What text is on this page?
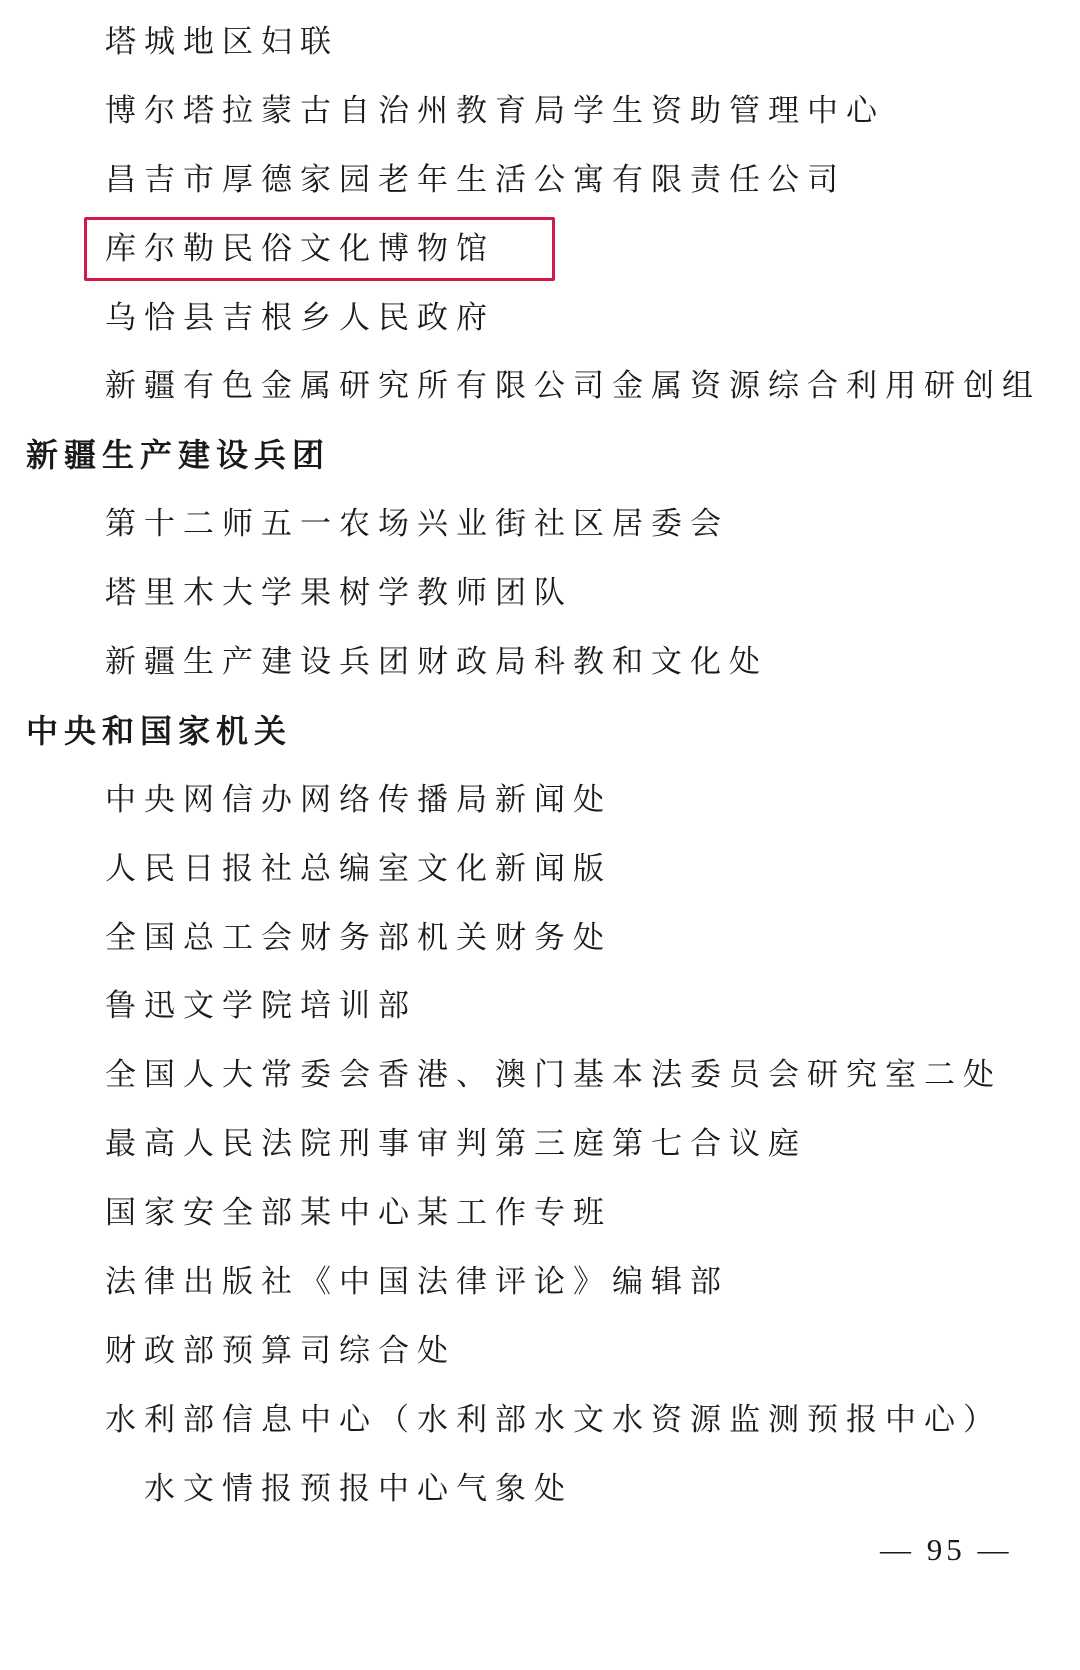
塔城地区妇联
博尔塔拉蒙古自治州教育局学生资助管理中心
昌吉市厚德家园老年生活公寓有限责任公司
库尔勒民俗文化博物馆
乌恰县吉根乡人民政府
新疆有色金属研究所有限公司金属资源综合利用研创组
新疆生产建设兵团
第十二师五一农场兴业街社区居委会
塔里木大学果树学教师团队
新疆生产建设兵团财政局科教和文化处
中央和国家机关
中央网信办网络传播局新闻处
人民日报社总编室文化新闻版
全国总工会财务部机关财务处
鲁迅文学院培训部
全国人大常委会香港、澳门基本法委员会研究室二处
最高人民法院刑事审判第三庭第七合议庭
国家安全部某中心某工作专班
法律出版社《中国法律评论》编辑部
财政部预算司综合处
水利部信息中心（水利部水文水资源监测预报中心）
水文情报预报中心气象处
— 95 —
